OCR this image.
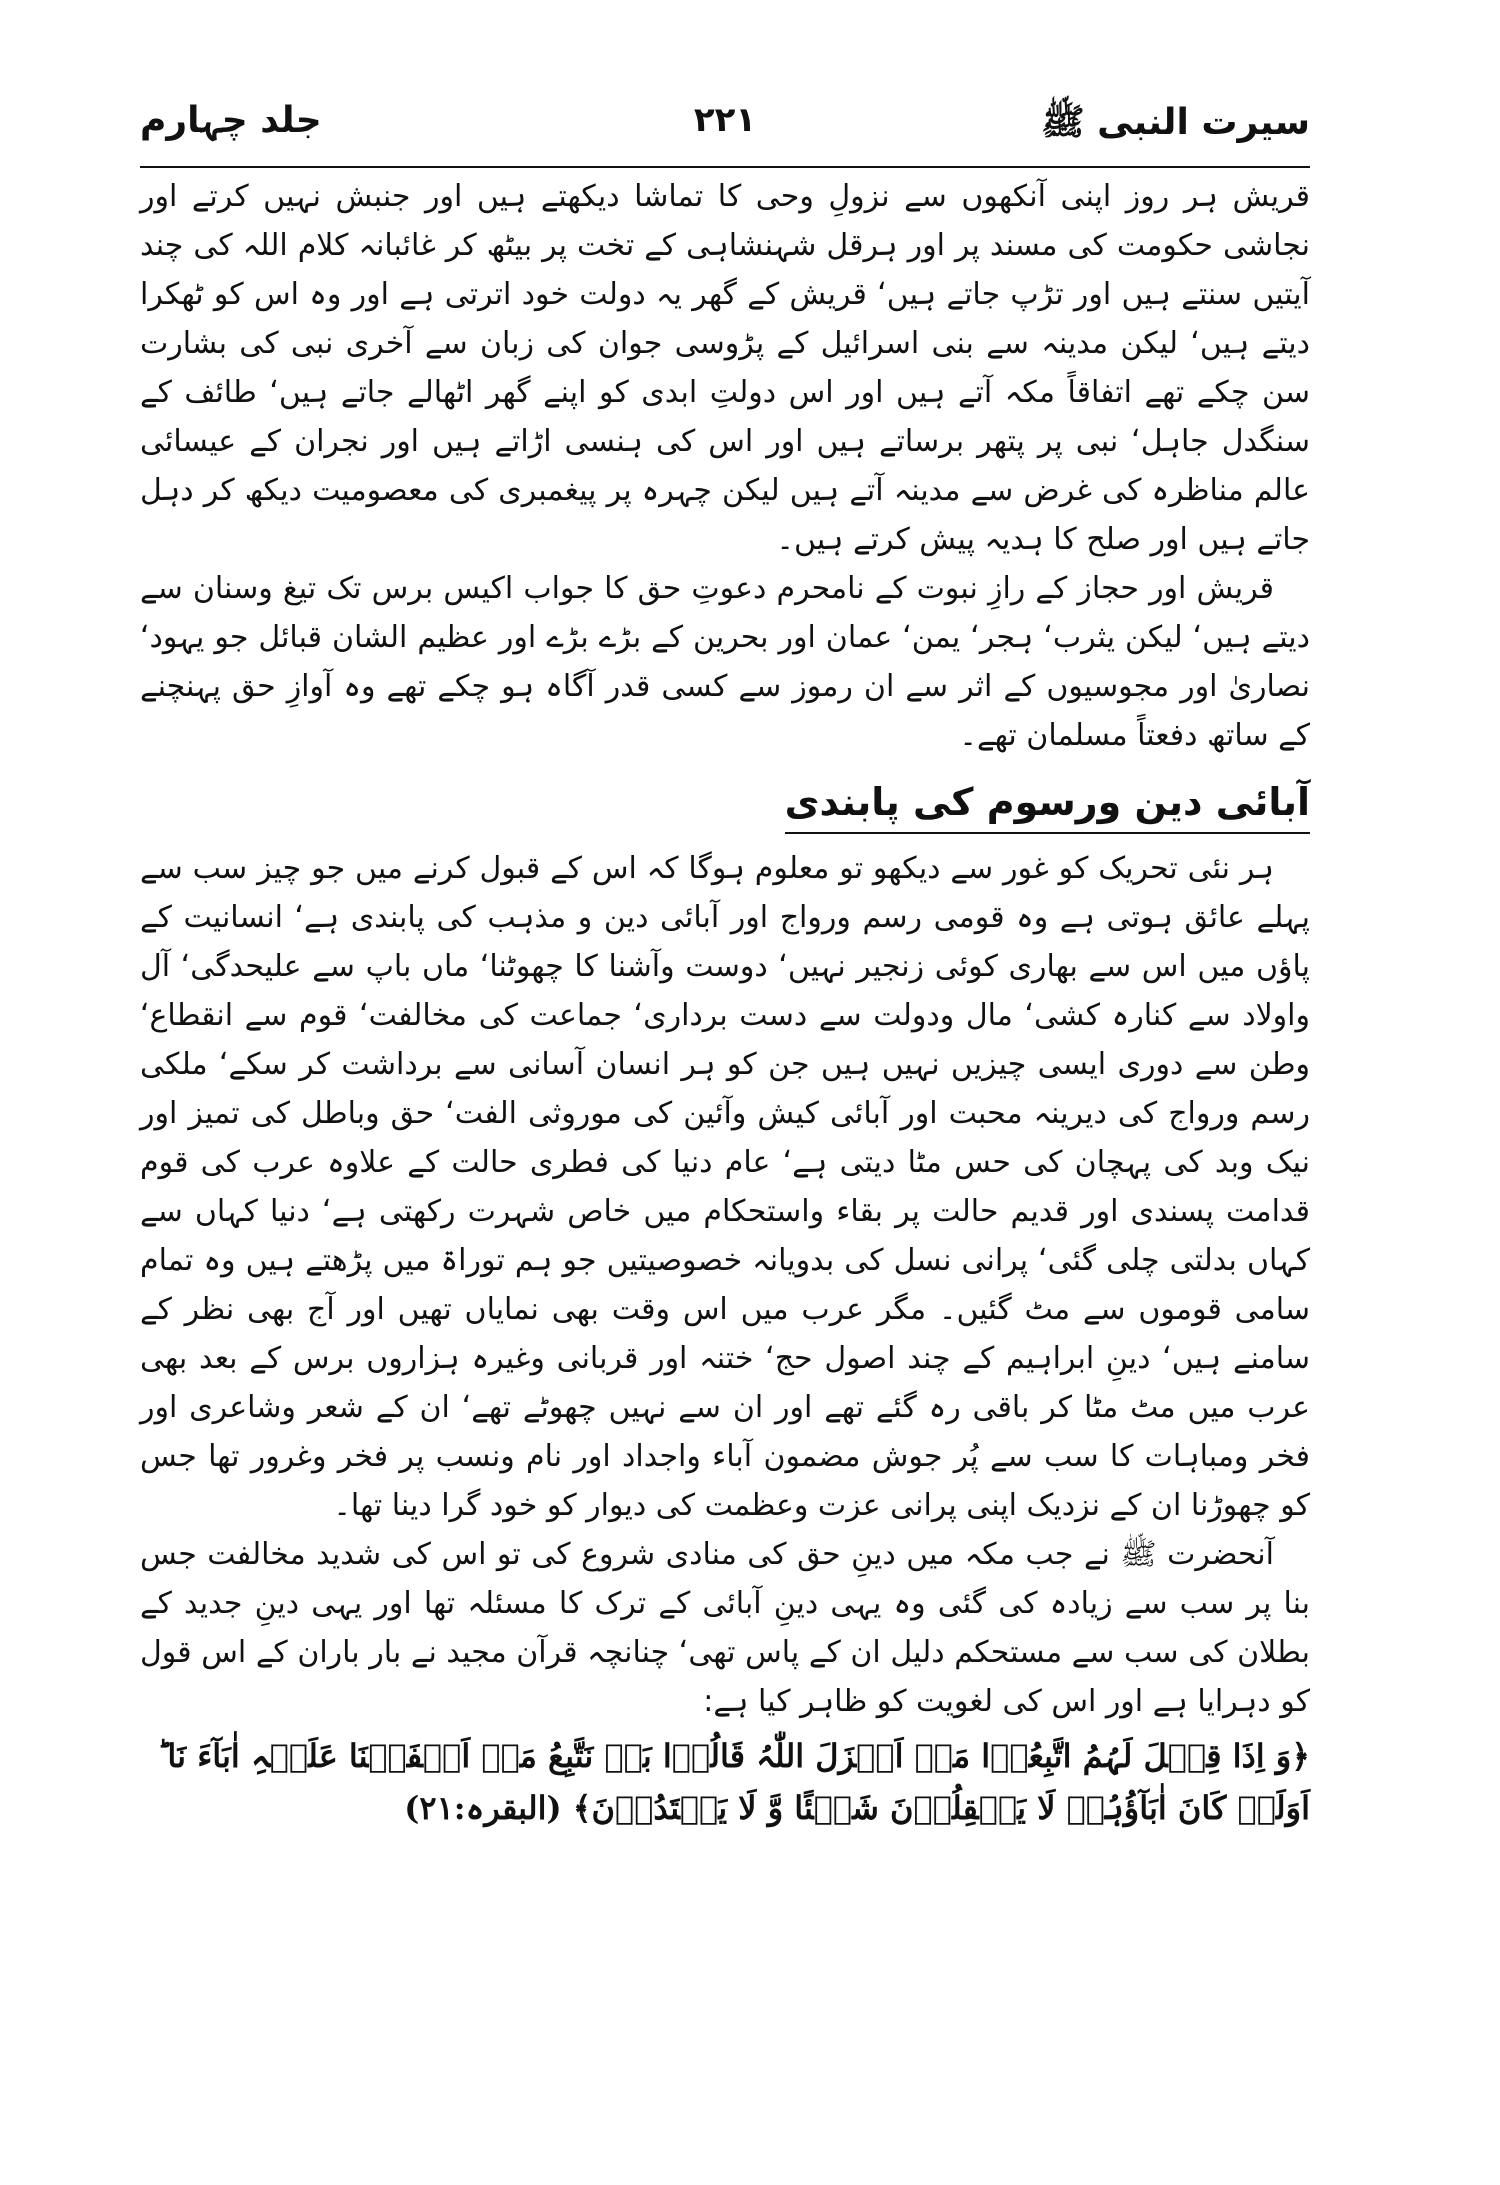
سیرت النبی ﷺ
۲۲۱
جلد چہارم

قریش ہر روز اپنی آنکھوں سے نزولِ وحی کا تماشا دیکھتے ہیں اور جنبش نہیں کرتے اور نجاشی حکومت کی مسند پر اور ہرقل شہنشاہی کے تخت پر بیٹھ کر غائبانہ کلام اللہ کی چند آیتیں سنتے ہیں اور تڑپ جاتے ہیں‘ قریش کے گھر یہ دولت خود اترتی ہے اور وہ اس کو ٹھکرا دیتے ہیں‘ لیکن مدینہ سے بنی اسرائیل کے پڑوسی جوان کی زبان سے آخری نبی کی بشارت سن چکے تھے اتفاقاً مکہ آتے ہیں اور اس دولتِ ابدی کو اپنے گھر اٹھالے جاتے ہیں‘ طائف کے سنگدل جاہل‘ نبی پر پتھر برساتے ہیں اور اس کی ہنسی اڑاتے ہیں اور نجران کے عیسائی عالم مناظرہ کی غرض سے مدینہ آتے ہیں لیکن چہرہ پر پیغمبری کی معصومیت دیکھ کر دہل جاتے ہیں اور صلح کا ہدیہ پیش کرتے ہیں۔

قریش اور حجاز کے رازِ نبوت کے نامحرم دعوتِ حق کا جواب اکیس برس تک تیغ وسنان سے دیتے ہیں‘ لیکن یثرب‘ ہجر‘ یمن‘ عمان اور بحرین کے بڑے بڑے اور عظیم الشان قبائل جو یہود‘ نصاریٰ اور مجوسیوں کے اثر سے ان رموز سے کسی قدر آگاہ ہو چکے تھے وہ آوازِ حق پہنچنے کے ساتھ دفعتاً مسلمان تھے۔

آبائی دین ورسوم کی پابندی

ہر نئی تحریک کو غور سے دیکھو تو معلوم ہوگا کہ اس کے قبول کرنے میں جو چیز سب سے پہلے عائق ہوتی ہے وہ قومی رسم ورواج اور آبائی دین و مذہب کی پابندی ہے‘ انسانیت کے پاؤں میں اس سے بھاری کوئی زنجیر نہیں‘ دوست وآشنا کا چھوٹنا‘ ماں باپ سے علیحدگی‘ آل واولاد سے کنارہ کشی‘ مال ودولت سے دست برداری‘ جماعت کی مخالفت‘ قوم سے انقطاع‘ وطن سے دوری ایسی چیزیں نہیں ہیں جن کو ہر انسان آسانی سے برداشت کر سکے‘ ملکی رسم ورواج کی دیرینہ محبت اور آبائی کیش وآئین کی موروثی الفت‘ حق وباطل کی تمیز اور نیک وبد کی پہچان کی حس مٹا دیتی ہے‘ عام دنیا کی فطری حالت کے علاوہ عرب کی قوم قدامت پسندی اور قدیم حالت پر بقاء واستحکام میں خاص شہرت رکھتی ہے‘ دنیا کہاں سے کہاں بدلتی چلی گئی‘ پرانی نسل کی بدویانہ خصوصیتیں جو ہم توراۃ میں پڑھتے ہیں وہ تمام سامی قوموں سے مٹ گئیں۔ مگر عرب میں اس وقت بھی نمایاں تھیں اور آج بھی نظر کے سامنے ہیں‘ دینِ ابراہیم کے چند اصول حج‘ ختنہ اور قربانی وغیرہ ہزاروں برس کے بعد بھی عرب میں مٹ مٹا کر باقی رہ گئے تھے اور ان سے نہیں چھوٹے تھے‘ ان کے شعر وشاعری اور فخر ومباہات کا سب سے پُر جوش مضمون آباء واجداد اور نام ونسب پر فخر وغرور تھا جس کو چھوڑنا ان کے نزدیک اپنی پرانی عزت وعظمت کی دیوار کو خود گرا دینا تھا۔

آنحضرت ﷺ نے جب مکہ میں دینِ حق کی منادی شروع کی تو اس کی شدید مخالفت جس بنا پر سب سے زیادہ کی گئی وہ یہی دینِ آبائی کے ترک کا مسئلہ تھا اور یہی دینِ جدید کے بطلان کی سب سے مستحکم دلیل ان کے پاس تھی‘ چنانچہ قرآن مجید نے بار باران کے اس قول کو دہرایا ہے اور اس کی لغویت کو ظاہر کیا ہے:

﴿وَ اِذَا قِیۡلَ لَہُمُ اتَّبِعُوۡا مَاۤ اَنۡزَلَ اللّٰہُ قَالُوۡا بَلۡ نَتَّبِعُ مَاۤ اَلۡفَیۡنَا عَلَیۡہِ اٰبَآءَ نَا ؕ اَوَلَوۡ کَانَ اٰبَآؤُہُمۡ لَا یَعۡقِلُوۡنَ شَیۡئًا وَّ لَا یَہۡتَدُوۡنَ﴾ (البقرہ:۲۱)
